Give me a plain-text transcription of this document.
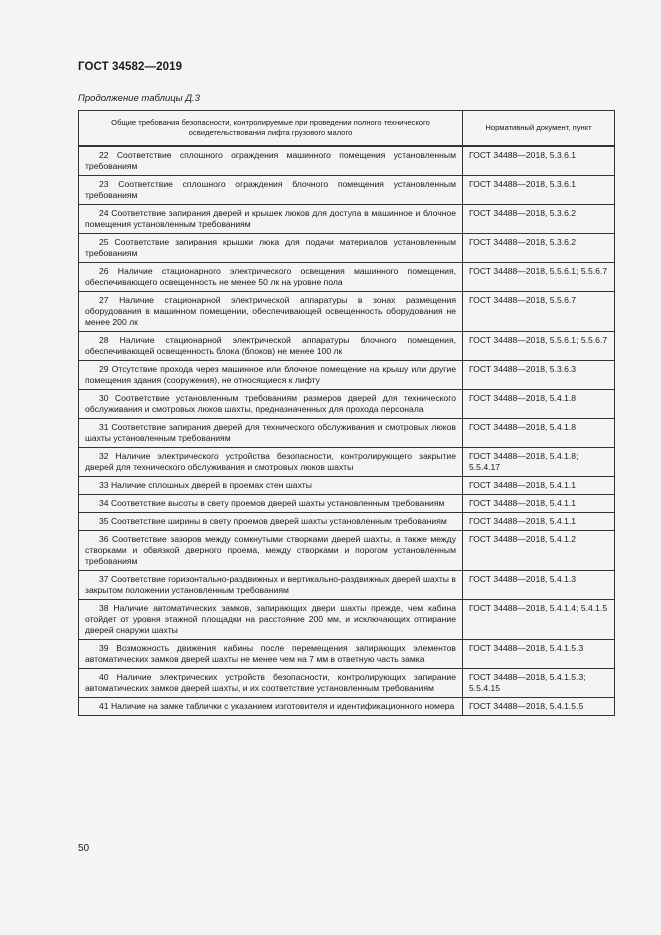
ГОСТ 34582—2019
Продолжение таблицы Д.3
Общие требования безопасности, контролируемые при проведении полного технического освидетельствования лифта грузового малого	Нормативный документ, пункт
22 Соответствие сплошного ограждения машинного помещения установленным требованиям	ГОСТ 34488—2018, 5.3.6.1
23 Соответствие сплошного ограждения блочного помещения установленным требованиям	ГОСТ 34488—2018, 5.3.6.1
24 Соответствие запирания дверей и крышек люков для доступа в машинное и блочное помещения установленным требованиям	ГОСТ 34488—2018, 5.3.6.2
25 Соответствие запирания крышки люка для подачи материалов установленным требованиям	ГОСТ 34488—2018, 5.3.6.2
26 Наличие стационарного электрического освещения машинного помещения, обеспечивающего освещенность не менее 50 лк на уровне пола	ГОСТ 34488—2018, 5.5.6.1; 5.5.6.7
27 Наличие стационарной электрической аппаратуры в зонах размещения оборудования в машинном помещении, обеспечивающей освещенность оборудования не менее 200 лк	ГОСТ 34488—2018, 5.5.6.7
28 Наличие стационарной электрической аппаратуры блочного помещения, обеспечивающей освещенность блока (блоков) не менее 100 лк	ГОСТ 34488—2018, 5.5.6.1; 5.5.6.7
29 Отсутствие прохода через машинное или блочное помещение на крышу или другие помещения здания (сооружения), не относящиеся к лифту	ГОСТ 34488—2018, 5.3.6.3
30 Соответствие установленным требованиям размеров дверей для технического обслуживания и смотровых люков шахты, предназначенных для прохода персонала	ГОСТ 34488—2018, 5.4.1.8
31 Соответствие запирания дверей для технического обслуживания и смотровых люков шахты установленным требованиям	ГОСТ 34488—2018, 5.4.1.8
32 Наличие электрического устройства безопасности, контролирующего закрытие дверей для технического обслуживания и смотровых люков шахты	ГОСТ 34488—2018, 5.4.1.8; 5.5.4.17
33 Наличие сплошных дверей в проемах стен шахты	ГОСТ 34488—2018, 5.4.1.1
34 Соответствие высоты в свету проемов дверей шахты установленным требованиям	ГОСТ 34488—2018, 5.4.1.1
35 Соответствие ширины в свету проемов дверей шахты установленным требованиям	ГОСТ 34488—2018, 5.4.1.1
36 Соответствие зазоров между сомкнутыми створками дверей шахты, а также между створками и обвязкой дверного проема, между створками и порогом установленным требованиям	ГОСТ 34488—2018, 5.4.1.2
37 Соответствие горизонтально-раздвижных и вертикально-раздвижных дверей шахты в закрытом положении установленным требованиям	ГОСТ 34488—2018, 5.4.1.3
38 Наличие автоматических замков, запирающих двери шахты прежде, чем кабина отойдет от уровня этажной площадки на расстояние 200 мм, и исключающих отпирание дверей снаружи шахты	ГОСТ 34488—2018, 5.4.1.4; 5.4.1.5
39 Возможность движения кабины после перемещения запирающих элементов автоматических замков дверей шахты не менее чем на 7 мм в ответную часть замка	ГОСТ 34488—2018, 5.4.1.5.3
40 Наличие электрических устройств безопасности, контролирующих запирание автоматических замков дверей шахты, и их соответствие установленным требованиям	ГОСТ 34488—2018, 5.4.1.5.3; 5.5.4.15
41 Наличие на замке таблички с указанием изготовителя и идентификационного номера	ГОСТ 34488—2018, 5.4.1.5.5
50
